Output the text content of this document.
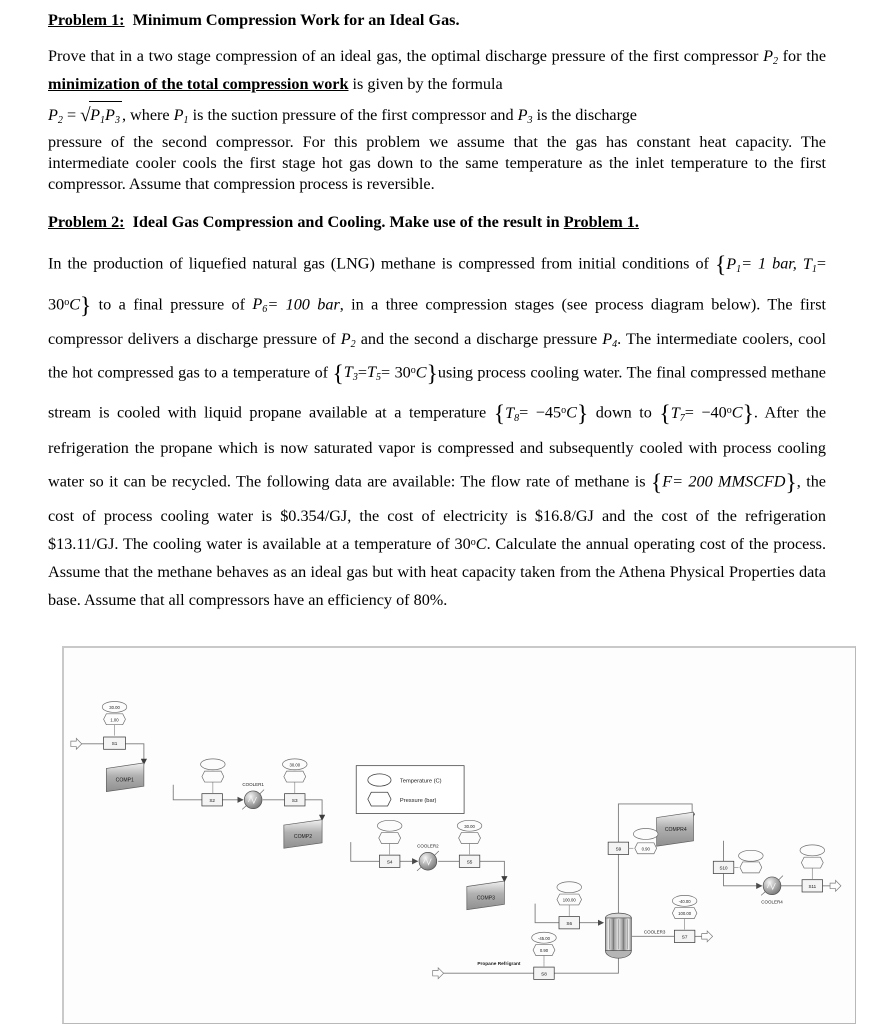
Problem 1: Minimum Compression Work for an Ideal Gas.

Prove that in a two stage compression of an ideal gas, the optimal discharge pressure of the first compressor $P_2$ for the minimization of the total compression work is given by the formula

$P_2$ = √ $P_1P_3$ , where $P_1$ is the suction pressure of the first compressor and $P_3$ is the discharge

pressure of the second compressor. For this problem we assume that the gas has constant heat capacity. The intermediate cooler cools the first stage hot gas down to the same temperature as the inlet temperature to the first compressor. Assume that compression process is reversible.

Problem 2: Ideal Gas Compression and Cooling. Make use of the result in Problem 1.

In the production of liquefied natural gas (LNG) methane is compressed from initial conditions of {$P_1= 1$ bar, $T_1= 30^oC$} to a final pressure of $P_6= 100$ bar, in a three compression stages (see process diagram below). The first compressor delivers a discharge pressure of $P_2$ and the second a discharge pressure $P_4$. The intermediate coolers, cool the hot compressed gas to a temperature of $\{T_3=T_5= 30^oC\}using$ process cooling water. The final compressed methane stream is cooled with liquid propane available at a temperature $\{T_8= -45^oC\}$ down to $\{T_7= -40^oC\}$. After the refrigeration the propane which is now saturated vapor is compressed and subsequently cooled with process cooling water so it can be recycled. The following data are available: The flow rate of methane is {F= 200 MMSCFD}, the cost of process cooling water is $0.354/GJ, the cost of electricity is $16.8/GJ and the cost of the refrigeration $13.11/GJ. The cooling water is available at a temperature of 30$^o$C. Calculate the annual operating cost of the process. Assume that the methane behaves as an ideal gas but with heat capacity taken from the Athena Physical Properties data base. Assume that all compressors have an efficiency of 80%.

COMP1
COMP2
COMP3
COMPR4
COOLER1
COOLER2
COOLER4
COOLER3
30.00
1.00
S1
S2
30.00
S3
S4
30.00
S5
100.00
S6
-40.00
100.00
S7
-45.00
0.90
S8
Propane Refrigrant
S9	0.90
S10
S11
Temperature (C)
Pressure (bar)
